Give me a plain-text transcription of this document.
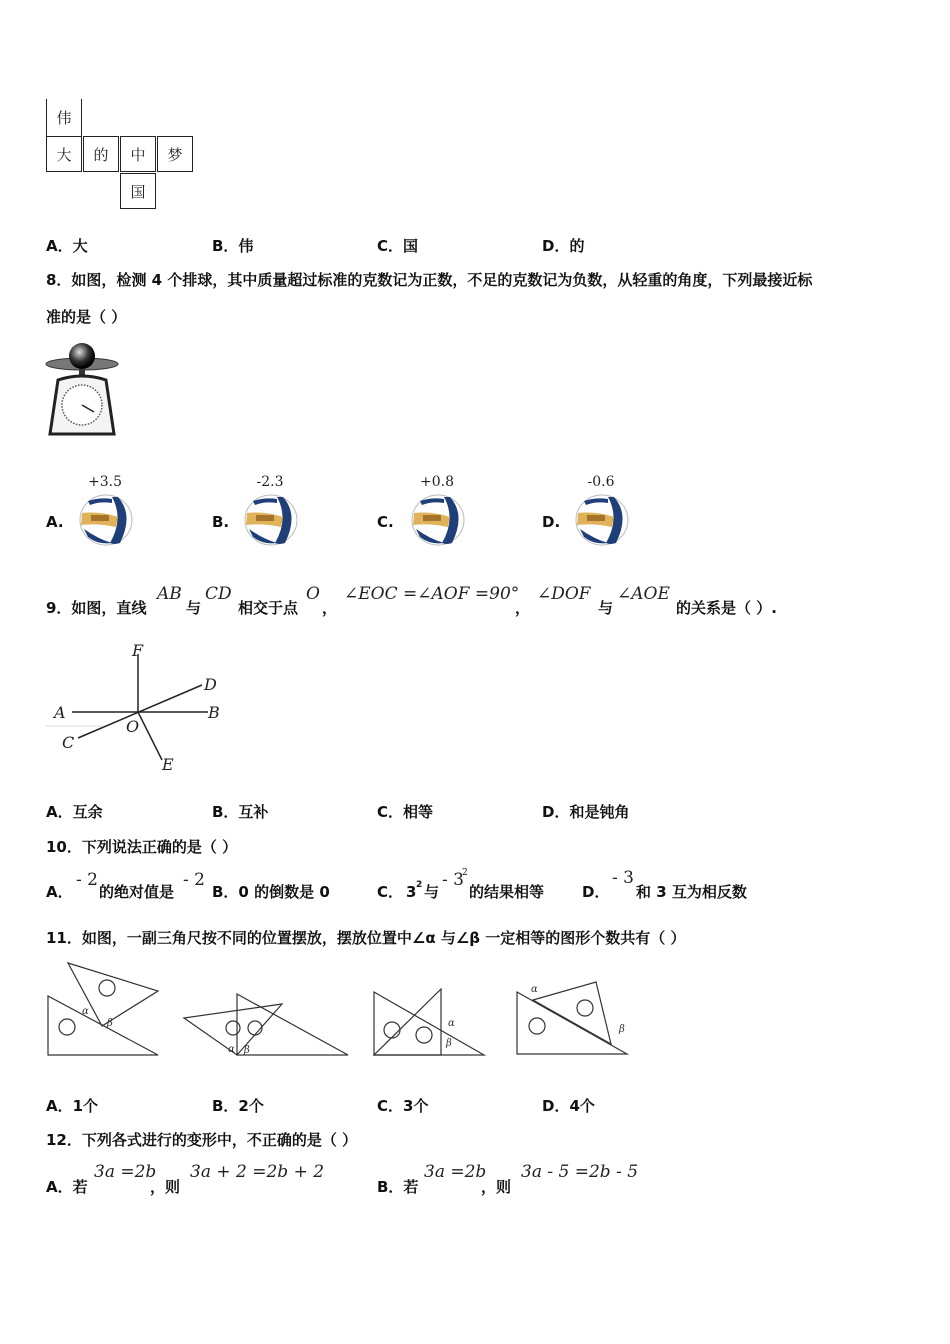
伟
大	的	中	梦
国
A．大	B．伟	C．国	D．的
8．如图，检测 4 个排球，其中质量超过标准的克数记为正数，不足的克数记为负数，从轻重的角度，下列最接近标
准的是（ ）
A.
+3.5
B.
-2.3
C.
+0.8
D.
-0.6
9．如图，直线
AB
与
CD
相交于点
O
，
∠EOC =∠AOF =90°
，
∠DOF
与
∠AOE
的关系是（ ）.
F
D
A	B
O
C
E
A．互余	B．互补	C．相等	D．和是钝角
10．下列说法正确的是（ ）
A．
- 2
的绝对值是
- 2
B．0 的倒数是 0	C． 3 2 与
- 3
2
的结果相等	D．
- 3
和 3 互为相反数
11．如图，一副三角尺按不同的位置摆放，摆放位置中∠α 与∠β 一定相等的图形个数共有（ ）
α
β
α β
α
β
α
β
A．1个	B．2个	C．3个	D．4个
12．下列各式进行的变形中，不正确的是（ ）
A．若
3a =2b
，则
3a + 2 =2b + 2
B．若
3a =2b
，则
3a - 5 =2b - 5
